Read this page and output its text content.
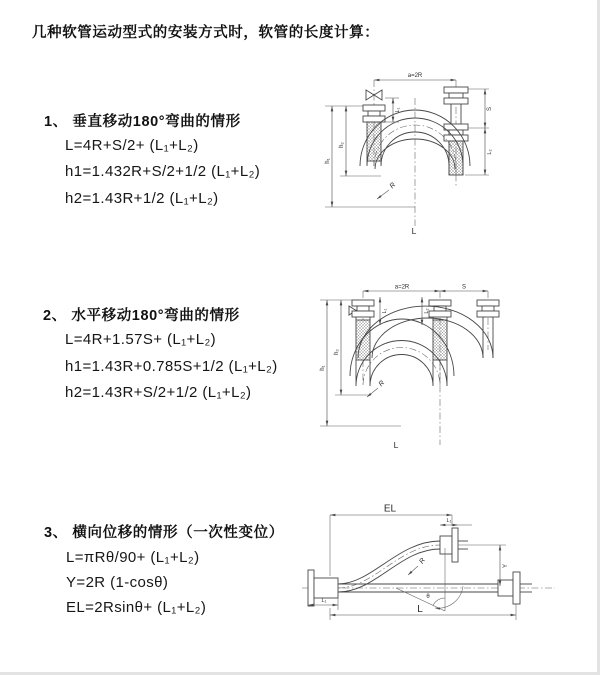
几种软管运动型式的安装方式时，软管的长度计算：
1、 垂直移动180°弯曲的情形
L=4R+S/2+ (L₁+L₂)
h1=1.432R+S/2+1/2 (L₁+L₂)
h2=1.43R+1/2 (L₁+L₂)
2、 水平移动180°弯曲的情形
L=4R+1.57S+ (L₁+L₂)
h1=1.43R+0.785S+1/2 (L₁+L₂)
h2=1.43R+S/2+1/2 (L₁+L₂)
3、 横向位移的情形（一次性变位）
L=πRθ/90+ (L₁+L₂)
Y=2R (1-cosθ)
EL=2Rsinθ+ (L₁+L₂)
a=2R
h₁
h₂
L₁	S
L₂
R
L
a=2R	S
h₁
h₂
L₁	L₂
R
L
EL
L₁
θ
R
Y
L₁
L
